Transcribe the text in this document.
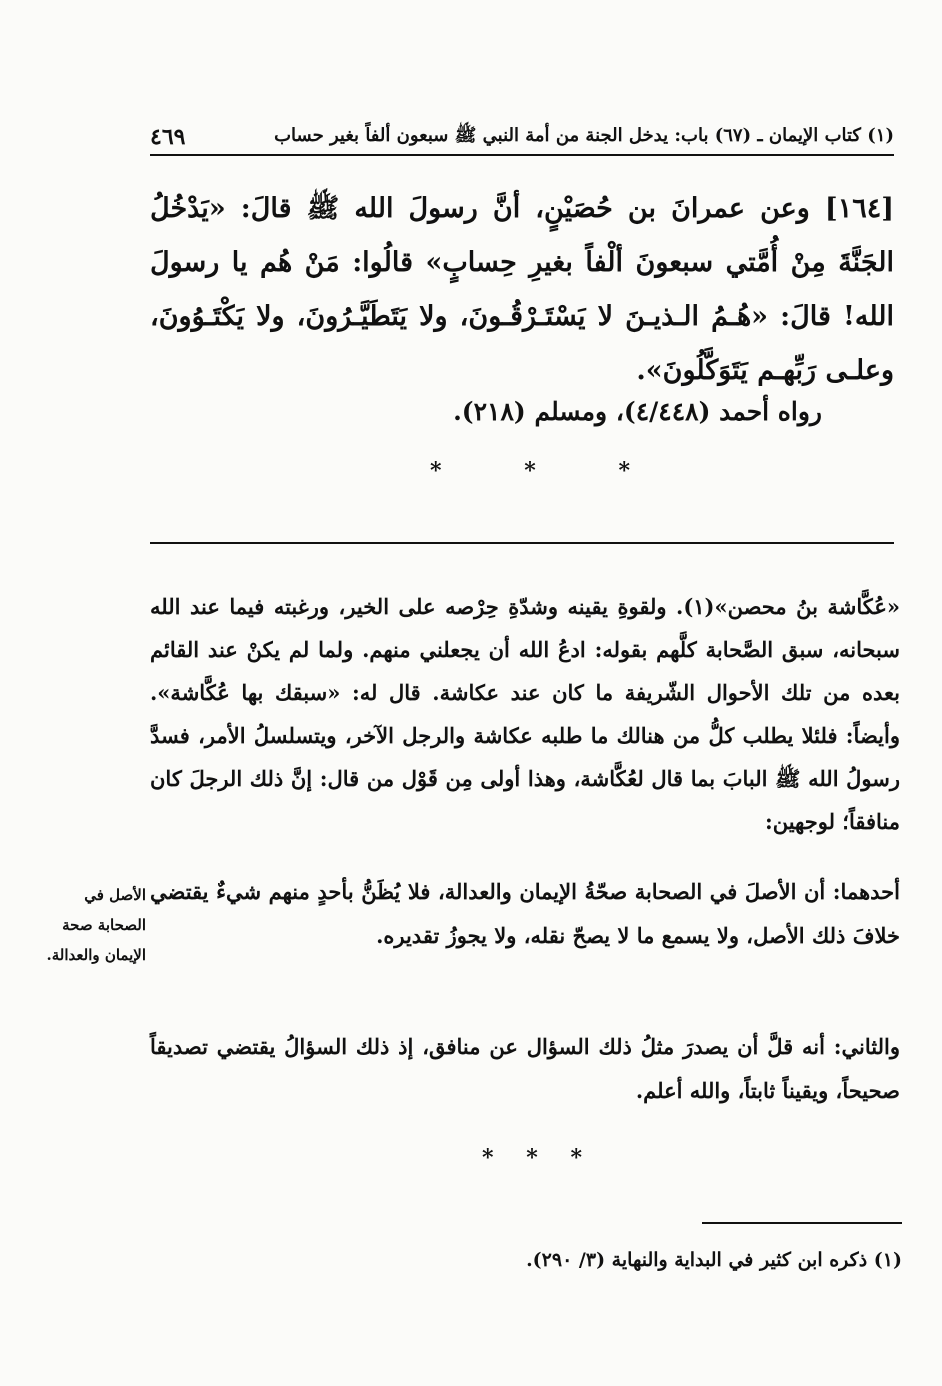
٤٦٩	(١) كتاب الإيمان ـ (٦٧) باب: يدخل الجنة من أمة النبي ﷺ سبعون ألفاً بغير حساب
[١٦٤] وعن عمرانَ بن حُصَيْنٍ، أنَّ رسولَ الله ﷺ قالَ: «يَدْخُلُ الجَنَّةَ مِنْ أُمَّتي سبعونَ ألْفاً بغيرِ حِسابٍ» قالُوا: مَنْ هُم يا رسولَ الله! قالَ: «هُـمُ الـذيـنَ لا يَسْتَـرْقُـونَ، ولا يَتَطَيَّـرُونَ، ولا يَكْتَـوُونَ، وعلـى رَبِّهـم يَتَوَكَّلُونَ».
رواه أحمد (٤/٤٤٨)، ومسلم (٢١٨).
*
*
*
«عُكَّاشة بنُ محصن»(١). ولقوةِ يقينه وشدّةِ حِرْصه على الخير، ورغبته فيما عند الله سبحانه، سبق الصَّحابة كلَّهم بقوله: ادعُ الله أن يجعلني منهم. ولما لم يكنْ عند القائم بعده من تلك الأحوال الشّريفة ما كان عند عكاشة. قال له: «سبقك بها عُكَّاشة». وأيضاً: فلئلا يطلب كلُّ من هنالك ما طلبه عكاشة والرجل الآخر، ويتسلسلُ الأمر، فسدَّ رسولُ الله ﷺ البابَ بما قال لعُكَّاشة، وهذا أولى مِن قَوْل من قال: إنَّ ذلك الرجلَ كان منافقاً؛ لوجهين:
أحدهما: أن الأصلَ في الصحابة صحّةُ الإيمان والعدالة، فلا يُظَنُّ بأحدٍ منهم شيءٌ يقتضي خلافَ ذلك الأصل، ولا يسمع ما لا يصحّ نقله، ولا يجوزُ تقديره.
الأصل في الصحابة صحة الإيمان والعدالة.
والثاني: أنه قلَّ أن يصدرَ مثلُ ذلك السؤال عن منافق، إذ ذلك السؤالُ يقتضي تصديقاً صحيحاً، ويقيناً ثابتاً، والله أعلم.
*
*
*
(١) ذكره ابن كثير في البداية والنهاية (٣/ ٢٩٠).
